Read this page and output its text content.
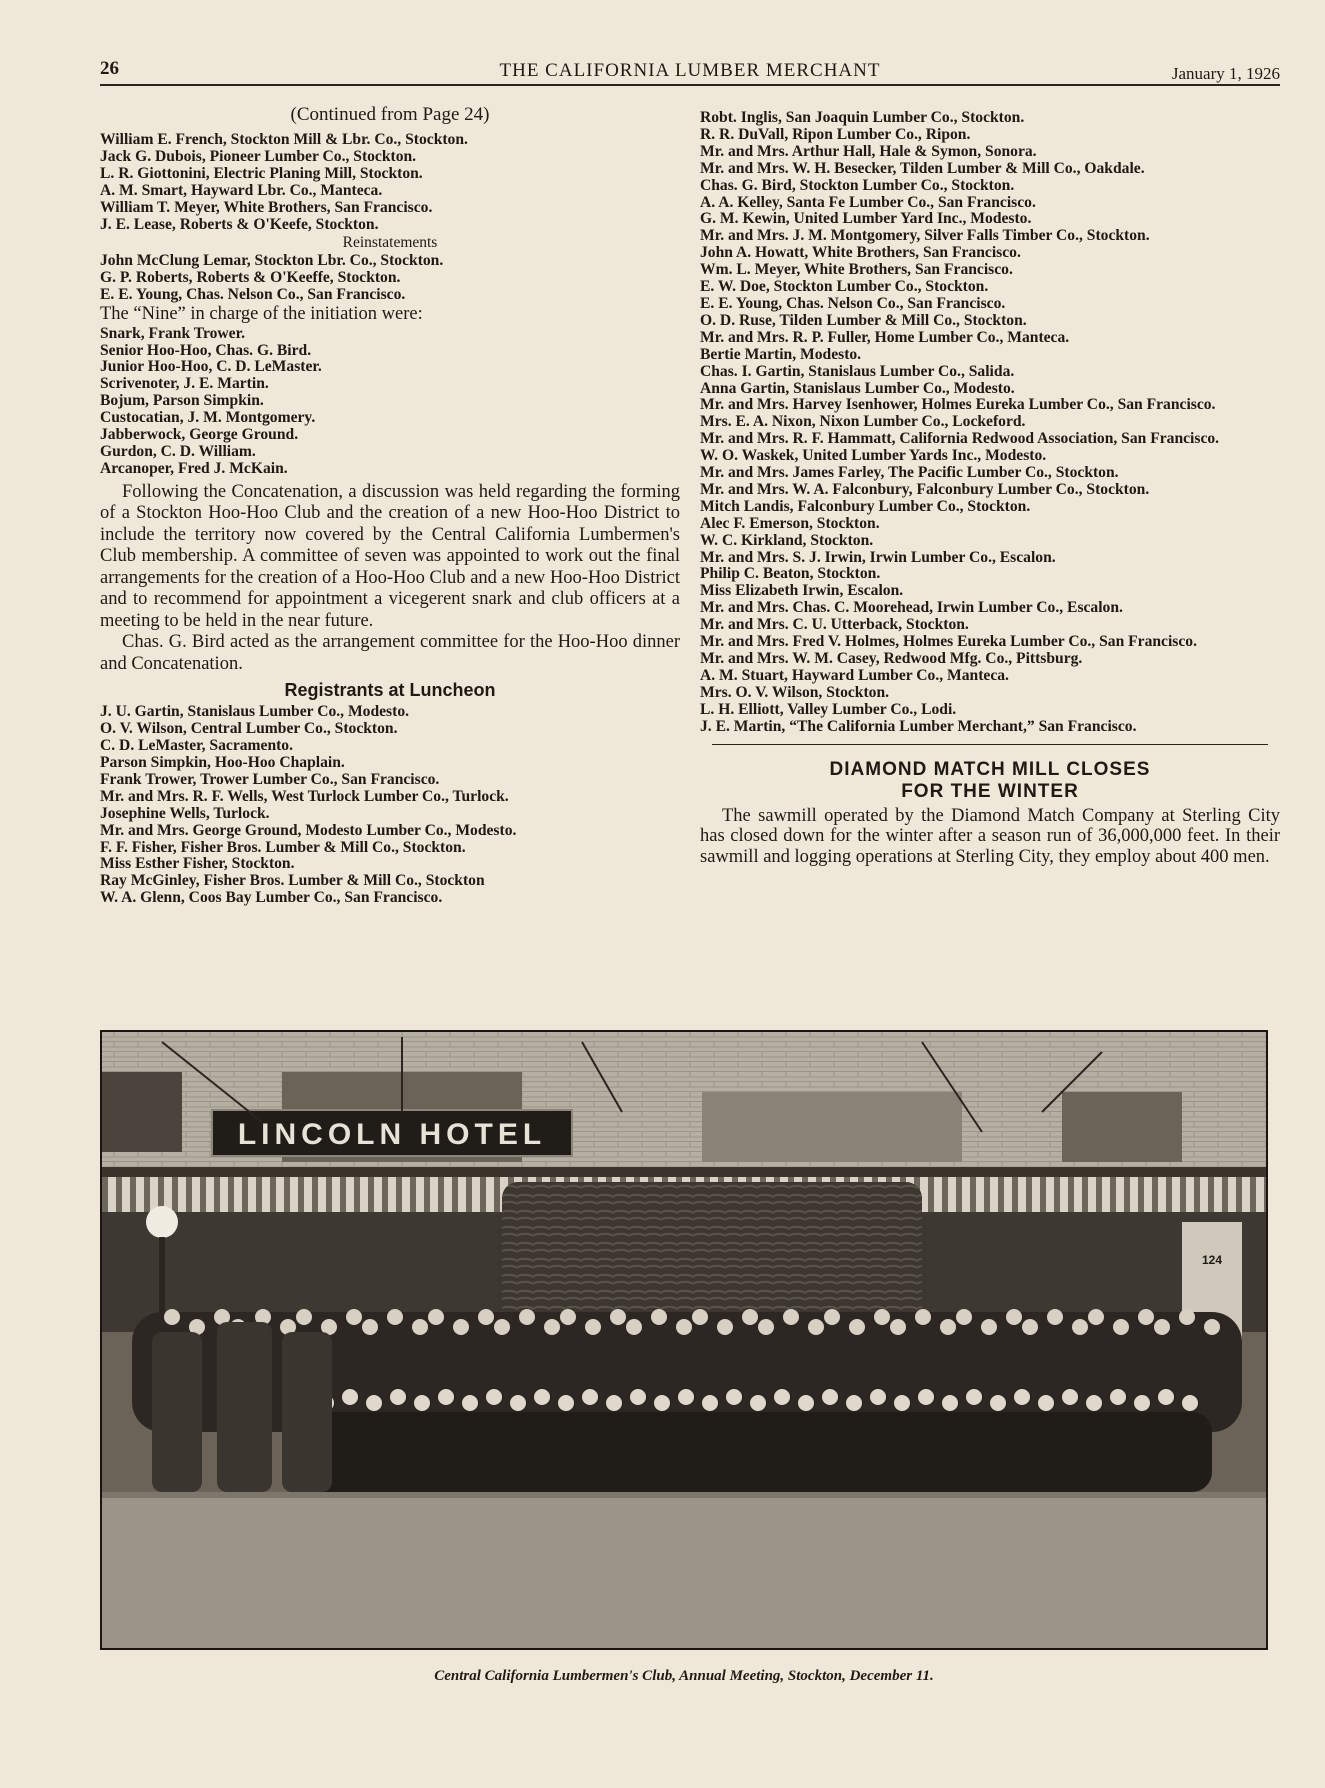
26	THE CALIFORNIA LUMBER MERCHANT	January 1, 1926
(Continued from Page 24)
William E. French, Stockton Mill & Lbr. Co., Stockton.
Jack G. Dubois, Pioneer Lumber Co., Stockton.
L. R. Giottonini, Electric Planing Mill, Stockton.
A. M. Smart, Hayward Lbr. Co., Manteca.
William T. Meyer, White Brothers, San Francisco.
J. E. Lease, Roberts & O'Keefe, Stockton.
Reinstatements
John McClung Lemar, Stockton Lbr. Co., Stockton.
G. P. Roberts, Roberts & O'Keeffe, Stockton.
E. E. Young, Chas. Nelson Co., San Francisco.
The “Nine” in charge of the initiation were:
Snark, Frank Trower.
Senior Hoo-Hoo, Chas. G. Bird.
Junior Hoo-Hoo, C. D. LeMaster.
Scrivenoter, J. E. Martin.
Bojum, Parson Simpkin.
Custocatian, J. M. Montgomery.
Jabberwock, George Ground.
Gurdon, C. D. William.
Arcanoper, Fred J. McKain.

Following the Concatenation, a discussion was held regarding the forming of a Stockton Hoo-Hoo Club and the creation of a new Hoo-Hoo District to include the territory now covered by the Central California Lumbermen's Club membership. A committee of seven was appointed to work out the final arrangements for the creation of a Hoo-Hoo Club and a new Hoo-Hoo District and to recommend for appointment a vicegerent snark and club officers at a meeting to be held in the near future.

Chas. G. Bird acted as the arrangement committee for the Hoo-Hoo dinner and Concatenation.

Registrants at Luncheon
J. U. Gartin, Stanislaus Lumber Co., Modesto.
O. V. Wilson, Central Lumber Co., Stockton.
C. D. LeMaster, Sacramento.
Parson Simpkin, Hoo-Hoo Chaplain.
Frank Trower, Trower Lumber Co., San Francisco.
Mr. and Mrs. R. F. Wells, West Turlock Lumber Co., Turlock.
Josephine Wells, Turlock.
Mr. and Mrs. George Ground, Modesto Lumber Co., Modesto.
F. F. Fisher, Fisher Bros. Lumber & Mill Co., Stockton.
Miss Esther Fisher, Stockton.
Ray McGinley, Fisher Bros. Lumber & Mill Co., Stockton
W. A. Glenn, Coos Bay Lumber Co., San Francisco.
Robt. Inglis, San Joaquin Lumber Co., Stockton.
R. R. DuVall, Ripon Lumber Co., Ripon.
Mr. and Mrs. Arthur Hall, Hale & Symon, Sonora.
Mr. and Mrs. W. H. Besecker, Tilden Lumber & Mill Co., Oakdale.
Chas. G. Bird, Stockton Lumber Co., Stockton.
A. A. Kelley, Santa Fe Lumber Co., San Francisco.
G. M. Kewin, United Lumber Yard Inc., Modesto.
Mr. and Mrs. J. M. Montgomery, Silver Falls Timber Co., Stockton.
John A. Howatt, White Brothers, San Francisco.
Wm. L. Meyer, White Brothers, San Francisco.
E. W. Doe, Stockton Lumber Co., Stockton.
E. E. Young, Chas. Nelson Co., San Francisco.
O. D. Ruse, Tilden Lumber & Mill Co., Stockton.
Mr. and Mrs. R. P. Fuller, Home Lumber Co., Manteca.
Bertie Martin, Modesto.
Chas. I. Gartin, Stanislaus Lumber Co., Salida.
Anna Gartin, Stanislaus Lumber Co., Modesto.
Mr. and Mrs. Harvey Isenhower, Holmes Eureka Lumber Co., San Francisco.
Mrs. E. A. Nixon, Nixon Lumber Co., Lockeford.
Mr. and Mrs. R. F. Hammatt, California Redwood Association, San Francisco.
W. O. Waskek, United Lumber Yards Inc., Modesto.
Mr. and Mrs. James Farley, The Pacific Lumber Co., Stockton.
Mr. and Mrs. W. A. Falconbury, Falconbury Lumber Co., Stockton.
Mitch Landis, Falconbury Lumber Co., Stockton.
Alec F. Emerson, Stockton.
W. C. Kirkland, Stockton.
Mr. and Mrs. S. J. Irwin, Irwin Lumber Co., Escalon.
Philip C. Beaton, Stockton.
Miss Elizabeth Irwin, Escalon.
Mr. and Mrs. Chas. C. Moorehead, Irwin Lumber Co., Escalon.
Mr. and Mrs. C. U. Utterback, Stockton.
Mr. and Mrs. Fred V. Holmes, Holmes Eureka Lumber Co., San Francisco.
Mr. and Mrs. W. M. Casey, Redwood Mfg. Co., Pittsburg.
A. M. Stuart, Hayward Lumber Co., Manteca.
Mrs. O. V. Wilson, Stockton.
L. H. Elliott, Valley Lumber Co., Lodi.
J. E. Martin, “The California Lumber Merchant,” San Francisco.
DIAMOND MATCH MILL CLOSES
FOR THE WINTER

The sawmill operated by the Diamond Match Company at Sterling City has closed down for the winter after a season run of 36,000,000 feet. In their sawmill and logging operations at Sterling City, they employ about 400 men.

LINCOLN HOTEL
124
Central California Lumbermen's Club, Annual Meeting, Stockton, December 11.
